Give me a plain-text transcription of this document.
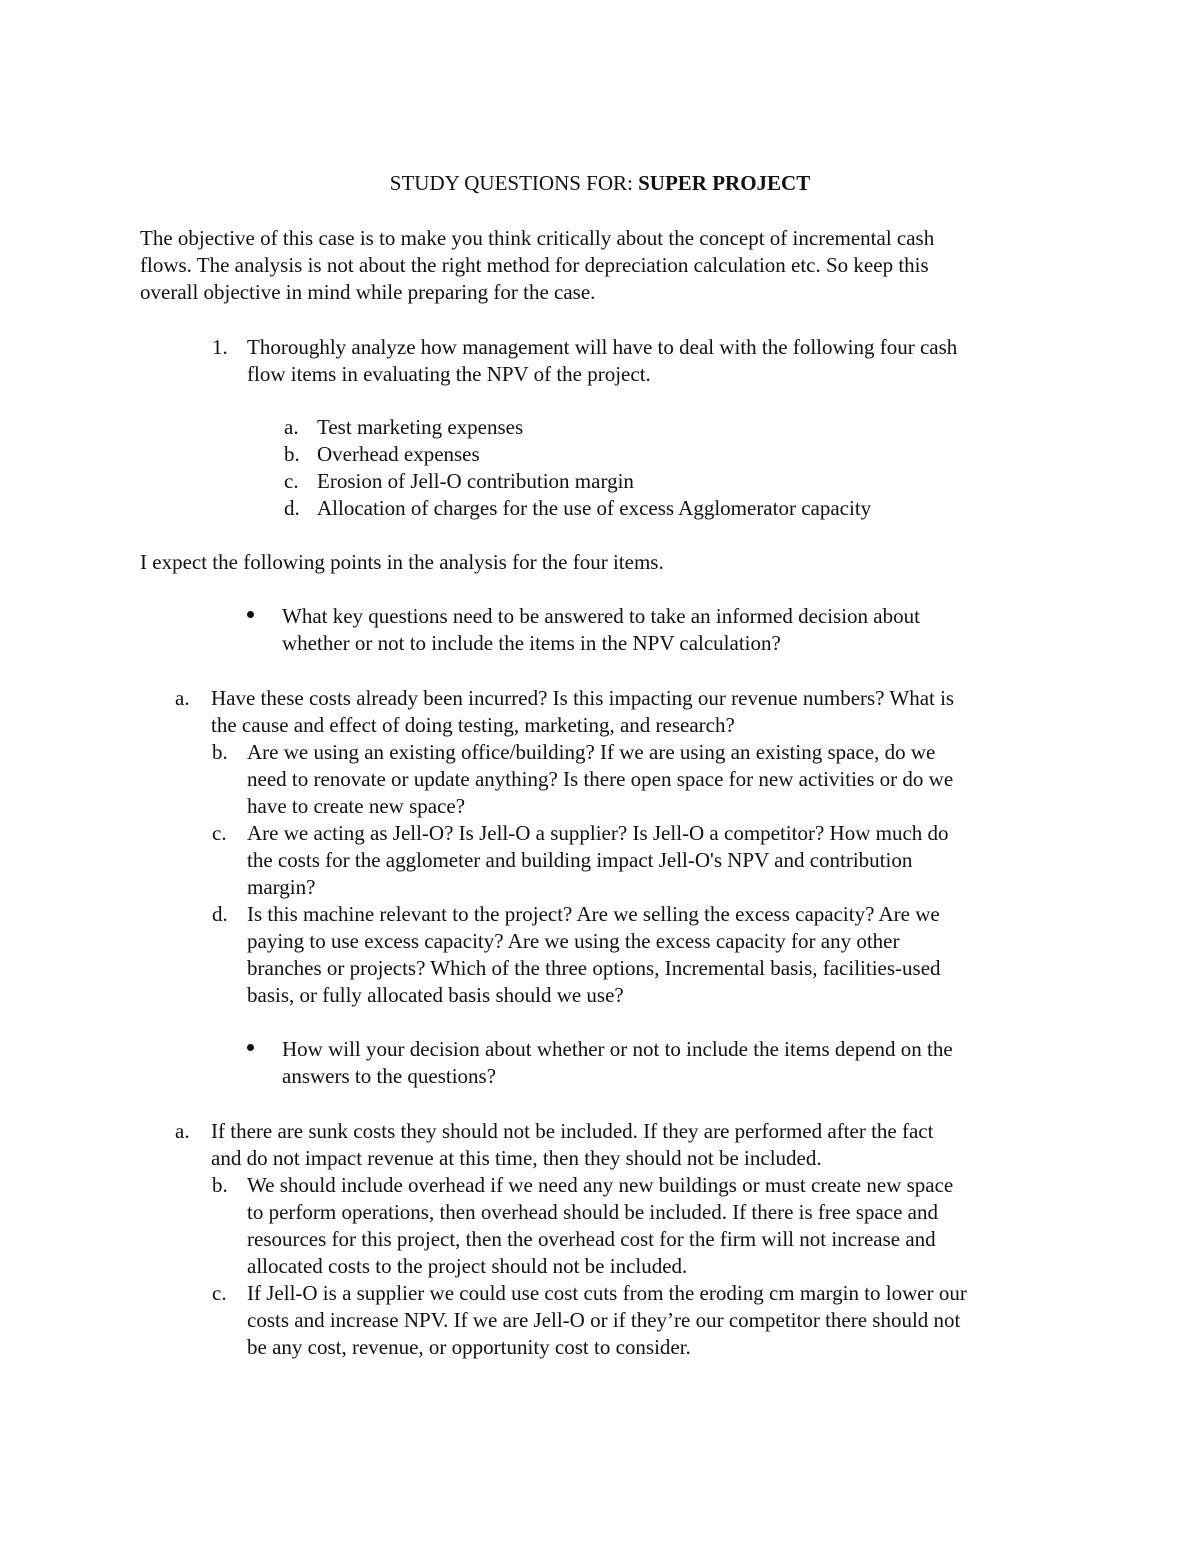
STUDY QUESTIONS FOR: SUPER PROJECT
The objective of this case is to make you think critically about the concept of incremental cash
flows. The analysis is not about the right method for depreciation calculation etc. So keep this
overall objective in mind while preparing for the case.
1. Thoroughly analyze how management will have to deal with the following four cash
flow items in evaluating the NPV of the project.
a. Test marketing expenses
b. Overhead expenses
c. Erosion of Jell-O contribution margin
d. Allocation of charges for the use of excess Agglomerator capacity
I expect the following points in the analysis for the four items.
What key questions need to be answered to take an informed decision about
whether or not to include the items in the NPV calculation?
a. Have these costs already been incurred? Is this impacting our revenue numbers? What is
the cause and effect of doing testing, marketing, and research?
b. Are we using an existing office/building? If we are using an existing space, do we
need to renovate or update anything? Is there open space for new activities or do we
have to create new space?
c. Are we acting as Jell-O? Is Jell-O a supplier? Is Jell-O a competitor? How much do
the costs for the agglometer and building impact Jell-O's NPV and contribution
margin?
d. Is this machine relevant to the project? Are we selling the excess capacity? Are we
paying to use excess capacity? Are we using the excess capacity for any other
branches or projects? Which of the three options, Incremental basis, facilities-used
basis, or fully allocated basis should we use?
How will your decision about whether or not to include the items depend on the
answers to the questions?
a. If there are sunk costs they should not be included. If they are performed after the fact
and do not impact revenue at this time, then they should not be included.
b. We should include overhead if we need any new buildings or must create new space
to perform operations, then overhead should be included. If there is free space and
resources for this project, then the overhead cost for the firm will not increase and
allocated costs to the project should not be included.
c. If Jell-O is a supplier we could use cost cuts from the eroding cm margin to lower our
costs and increase NPV. If we are Jell-O or if they’re our competitor there should not
be any cost, revenue, or opportunity cost to consider.
